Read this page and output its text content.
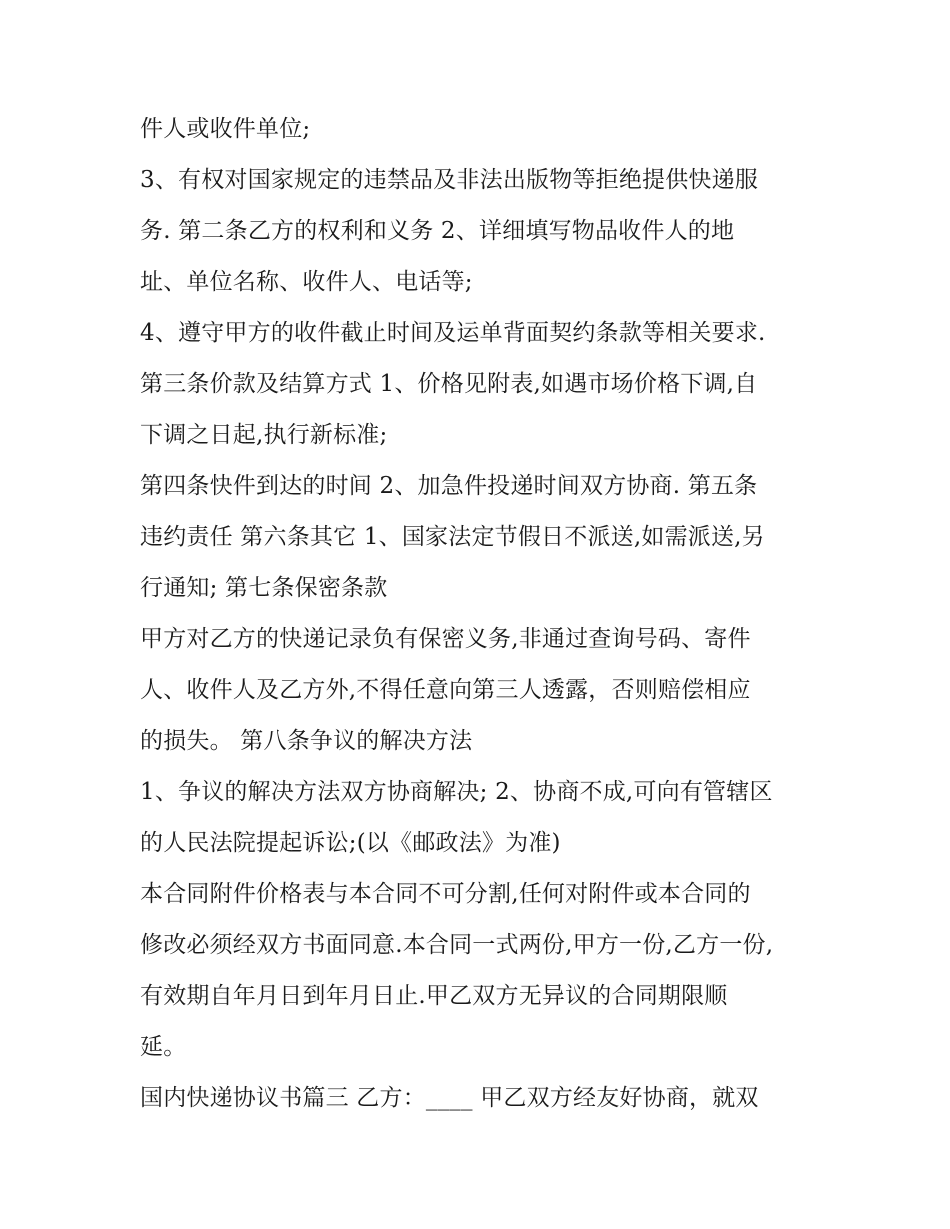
件人或收件单位;
3、有权对国家规定的违禁品及非法出版物等拒绝提供快递服
务. 第二条乙方的权利和义务 2、详细填写物品收件人的地
址、单位名称、收件人、电话等;
4、遵守甲方的收件截止时间及运单背面契约条款等相关要求.
第三条价款及结算方式 1、价格见附表,如遇市场价格下调,自
下调之日起,执行新标准;
第四条快件到达的时间 2、加急件投递时间双方协商. 第五条
违约责任 第六条其它 1、国家法定节假日不派送,如需派送,另
行通知; 第七条保密条款
甲方对乙方的快递记录负有保密义务,非通过查询号码、寄件
人、收件人及乙方外,不得任意向第三人透露，否则赔偿相应
的损失。 第八条争议的解决方法
1、争议的解决方法双方协商解决; 2、协商不成,可向有管辖区
的人民法院提起诉讼;(以《邮政法》为准)
本合同附件价格表与本合同不可分割,任何对附件或本合同的
修改必须经双方书面同意.本合同一式两份,甲方一份,乙方一份,
有效期自年月日到年月日止.甲乙双方无异议的合同期限顺
延。
国内快递协议书篇三 乙方：____ 甲乙双方经友好协商，就双
